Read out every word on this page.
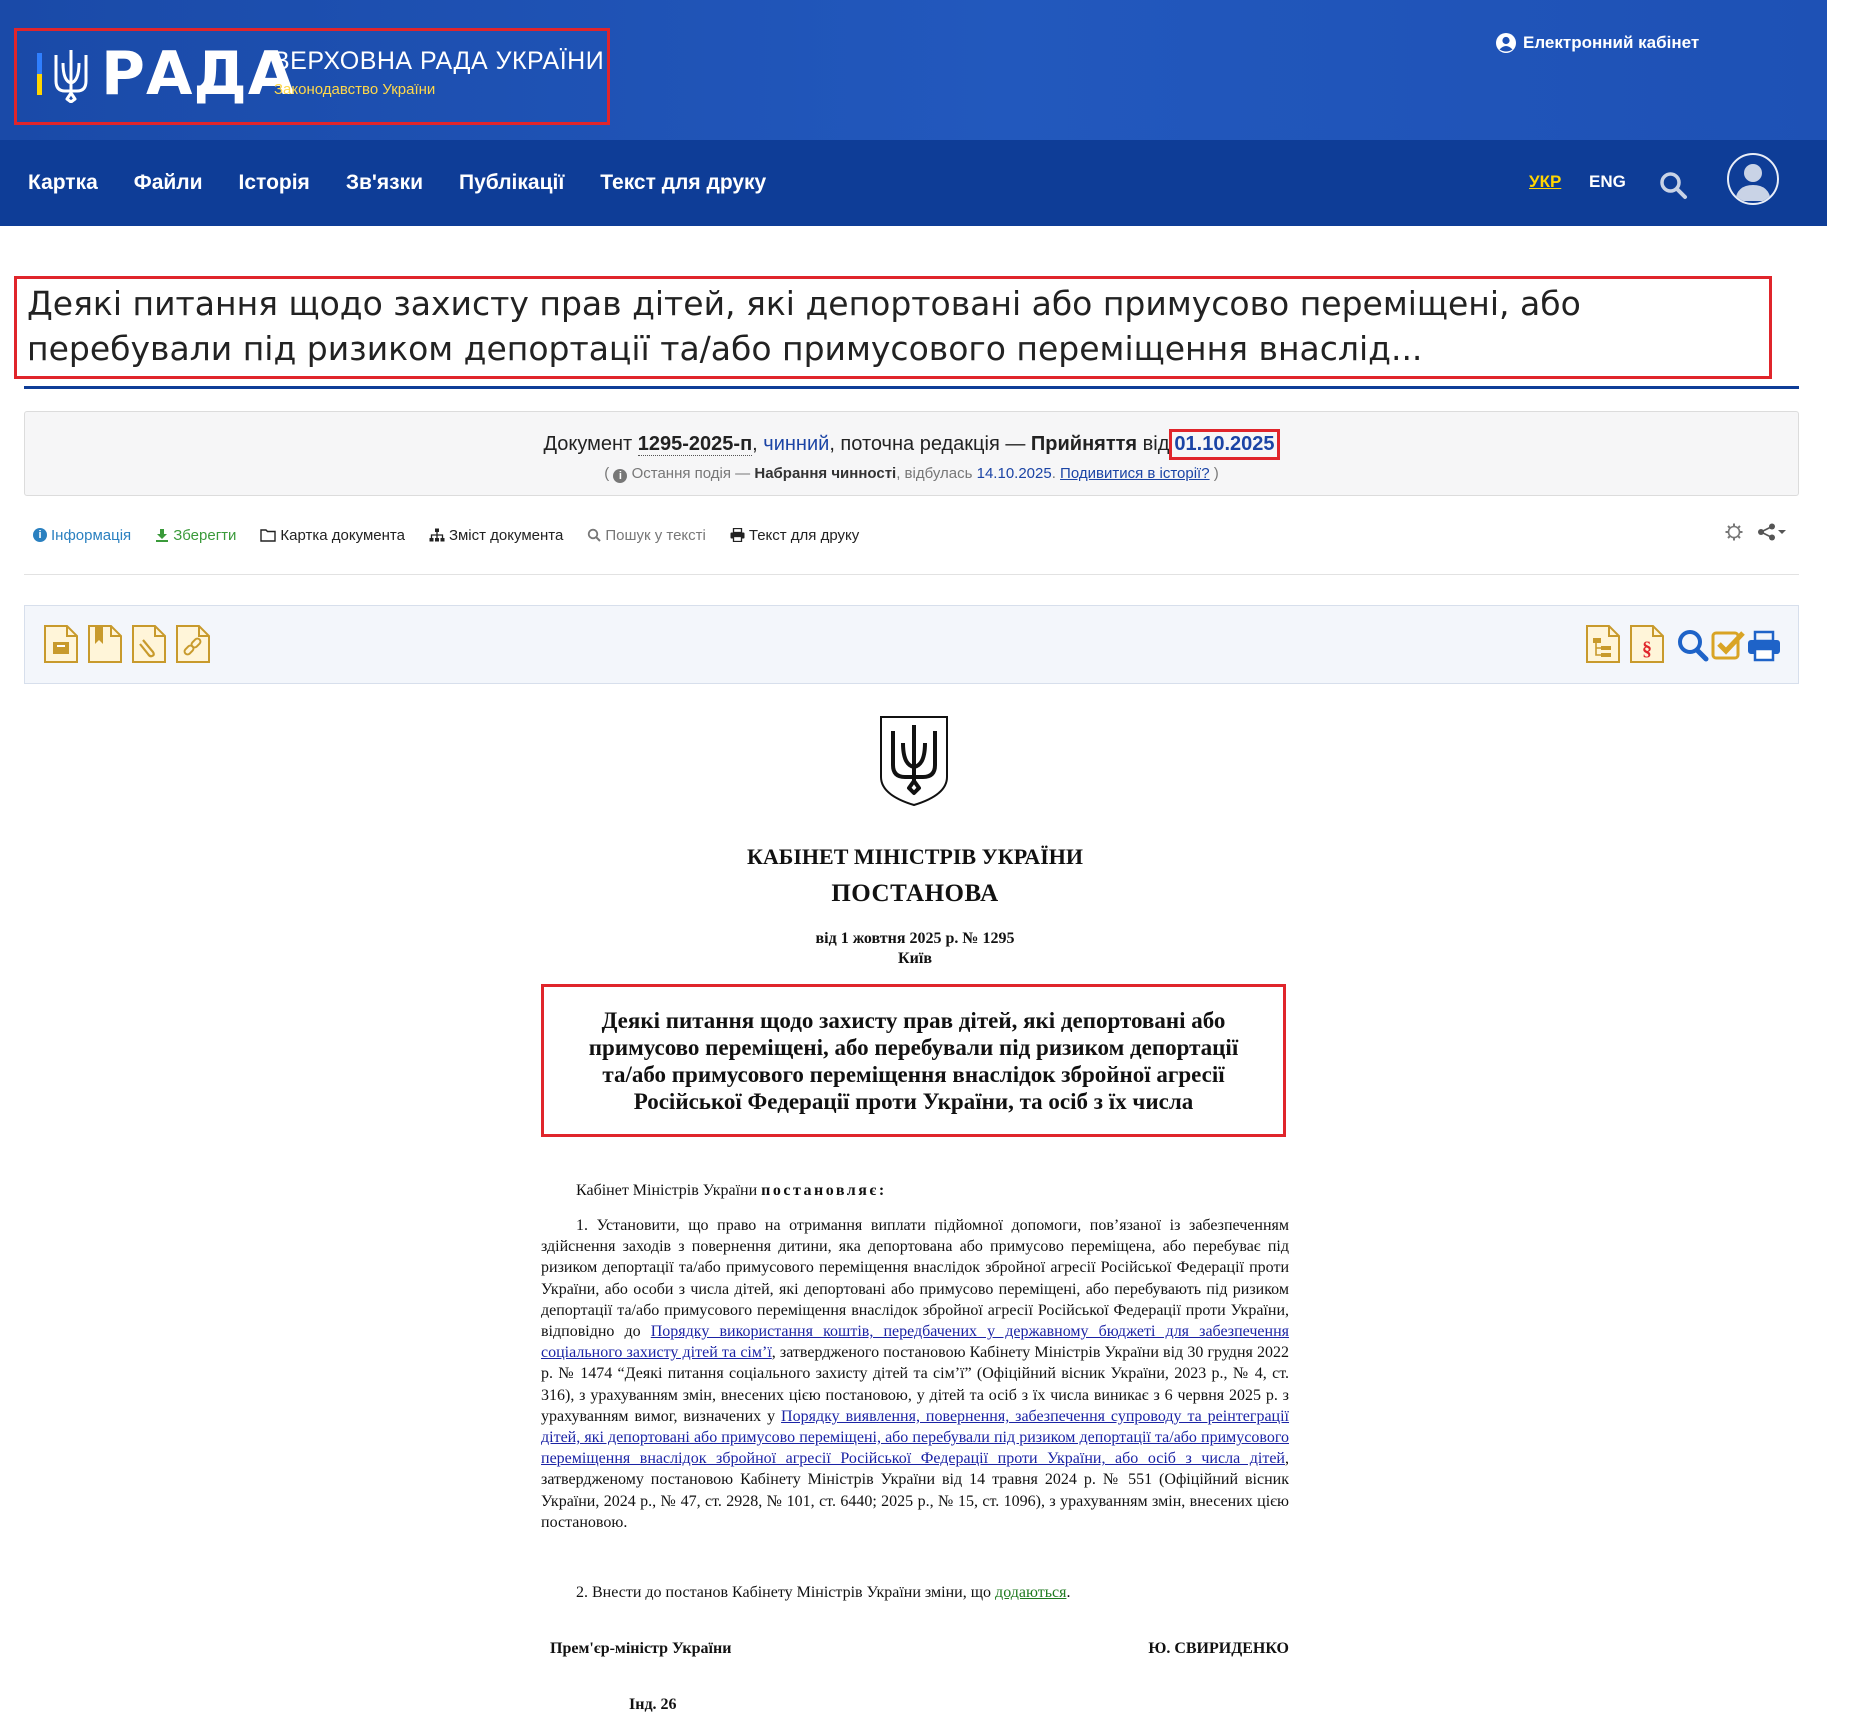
РАДА
ВЕРХОВНА РАДА УКРАЇНИ
Законодавство України
Електронний кабінет
Картка Файли Історія Зв'язки Публікації Текст для друку	УКР ENG
Деякі питання щодо захисту прав дітей, які депортовані або примусово переміщені, або перебували під ризиком депортації та/або примусового переміщення внаслід...
Документ 1295-2025-п, чинний, поточна редакція — Прийняття від 01.10.2025
( i Остання подія — Набрання чинності, відбулась 14.10.2025. Подивитися в історії? )
i Інформація	Зберегти	Картка документа	Зміст документа	Пошук у тексті	Текст для друку
§
КАБІНЕТ МІНІСТРІВ УКРАЇНИ
ПОСТАНОВА
від 1 жовтня 2025 р. № 1295
Київ
Деякі питання щодо захисту прав дітей, які депортовані або примусово переміщені, або перебували під ризиком депортації та/або примусового переміщення внаслідок збройної агресії Російської Федерації проти України, та осіб з їх числа
Кабінет Міністрів України постановляє:

1. Установити, що право на отримання виплати підйомної допомоги, пов’язаної із забезпеченням здійснення заходів з повернення дитини, яка депортована або примусово переміщена, або перебуває під ризиком депортації та/або примусового переміщення внаслідок збройної агресії Російської Федерації проти України, або особи з числа дітей, які депортовані або примусово переміщені, або перебувають під ризиком депортації та/або примусового переміщення внаслідок збройної агресії Російської Федерації проти України, відповідно до Порядку використання коштів, передбачених у державному бюджеті для забезпечення соціального захисту дітей та сім’ї, затвердженого постановою Кабінету Міністрів України від 30 грудня 2022 р. № 1474 “Деякі питання соціального захисту дітей та сім’ї” (Офіційний вісник України, 2023 р., № 4, ст. 316), з урахуванням змін, внесених цією постановою, у дітей та осіб з їх числа виникає з 6 червня 2025 р. з урахуванням вимог, визначених у Порядку виявлення, повернення, забезпечення супроводу та реінтеграції дітей, які депортовані або примусово переміщені, або перебували під ризиком депортації та/або примусового переміщення внаслідок збройної агресії Російської Федерації проти України, або осіб з числа дітей, затвердженому постановою Кабінету Міністрів України від 14 травня 2024 р. № 551 (Офіційний вісник України, 2024 р., № 47, ст. 2928, № 101, ст. 6440; 2025 р., № 15, ст. 1096), з урахуванням змін, внесених цією постановою.

2. Внести до постанов Кабінету Міністрів України зміни, що додаються.
Прем'єр-міністр України	Ю. СВИРИДЕНКО
Інд. 26
